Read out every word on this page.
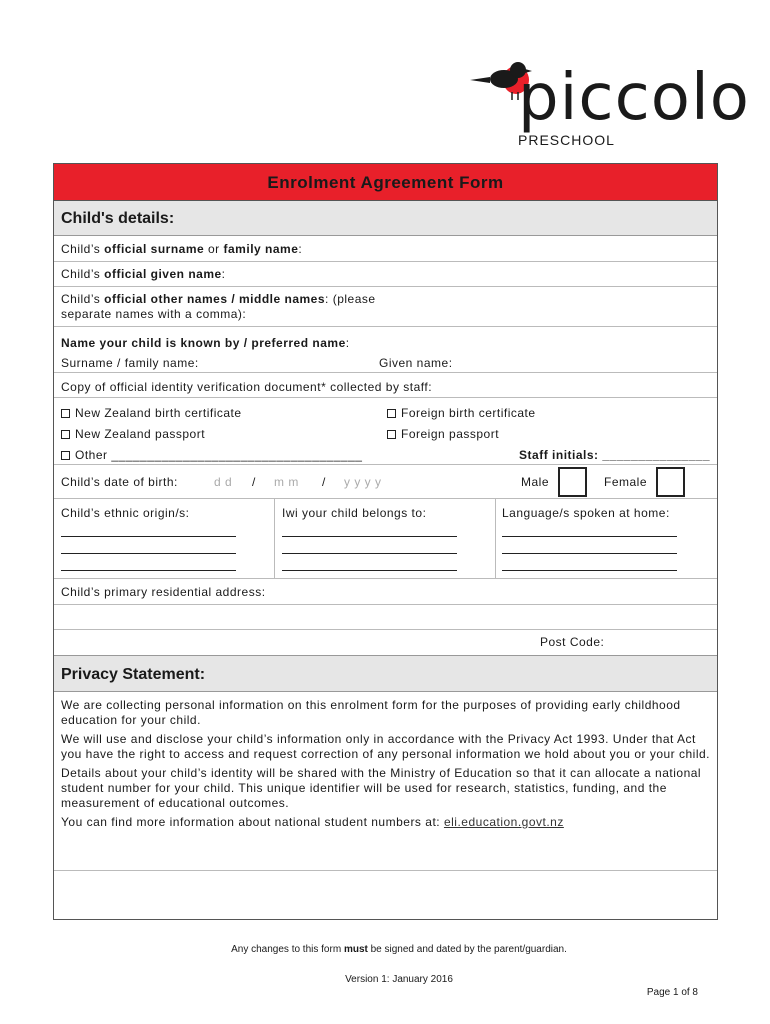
piccolo
PRESCHOOL
Enrolment Agreement Form
Child's details:
Child’s official surname or family name:
Child’s official given name:
Child’s official other names / middle names: (please
separate names with a comma):
Name your child is known by / preferred name:
Surname / family name:	Given name:
Copy of official identity verification document* collected by staff:
New Zealand birth certificate	Foreign birth certificate
New Zealand passport	Foreign passport
Other ___________________________________	Staff initials: _______________
Child’s date of birth:	d d / m m / y y y y	Male	Female
Child’s ethnic origin/s:	Iwi your child belongs to:	Language/s spoken at home:
Child’s primary residential address:
Post Code:
Privacy Statement:

We are collecting personal information on this enrolment form for the purposes of providing early childhood education for your child.

We will use and disclose your child’s information only in accordance with the Privacy Act 1993. Under that Act you have the right to access and request correction of any personal information we hold about you or your child.

Details about your child’s identity will be shared with the Ministry of Education so that it can allocate a national student number for your child. This unique identifier will be used for research, statistics, funding, and the measurement of educational outcomes.

You can find more information about national student numbers at: eli.education.govt.nz

Any changes to this form must be signed and dated by the parent/guardian.
Version 1: January 2016
Page 1 of 8
